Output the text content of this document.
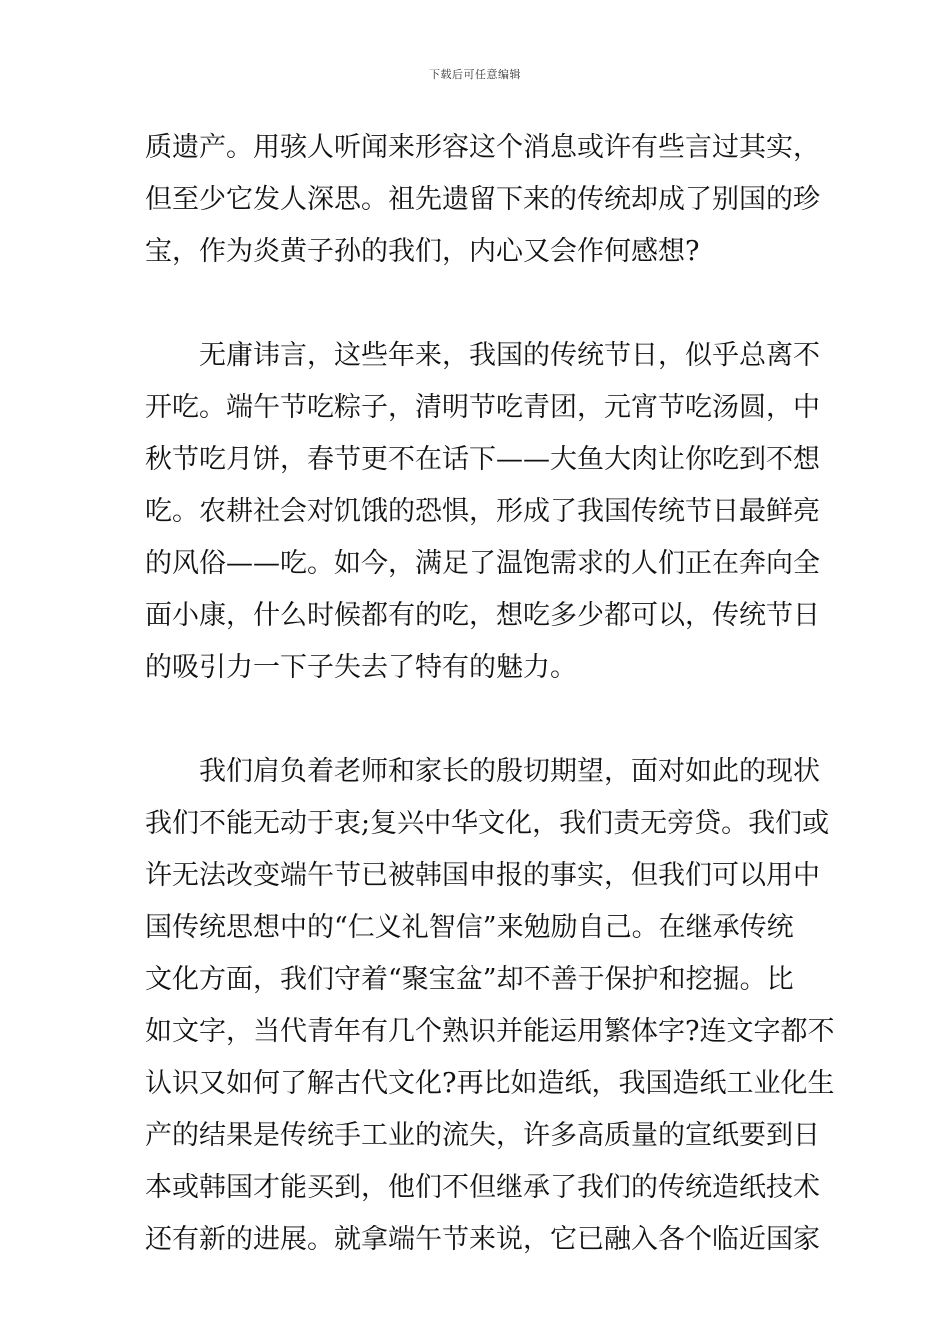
下载后可任意编辑
质遗产。用骇人听闻来形容这个消息或许有些言过其实，
但至少它发人深思。祖先遗留下来的传统却成了别国的珍
宝，作为炎黄子孙的我们，内心又会作何感想?
无庸讳言，这些年来，我国的传统节日，似乎总离不
开吃。端午节吃粽子，清明节吃青团，元宵节吃汤圆，中
秋节吃月饼，春节更不在话下——大鱼大肉让你吃到不想
吃。农耕社会对饥饿的恐惧，形成了我国传统节日最鲜亮
的风俗——吃。如今，满足了温饱需求的人们正在奔向全
面小康，什么时候都有的吃，想吃多少都可以，传统节日
的吸引力一下子失去了特有的魅力。
我们肩负着老师和家长的殷切期望，面对如此的现状
我们不能无动于衷;复兴中华文化，我们责无旁贷。我们或
许无法改变端午节已被韩国申报的事实，但我们可以用中
国传统思想中的“仁义礼智信”来勉励自己。在继承传统
文化方面，我们守着“聚宝盆”却不善于保护和挖掘。比
如文字，当代青年有几个熟识并能运用繁体字?连文字都不
认识又如何了解古代文化?再比如造纸，我国造纸工业化生
产的结果是传统手工业的流失，许多高质量的宣纸要到日
本或韩国才能买到，他们不但继承了我们的传统造纸技术
还有新的进展。就拿端午节来说，它已融入各个临近国家
